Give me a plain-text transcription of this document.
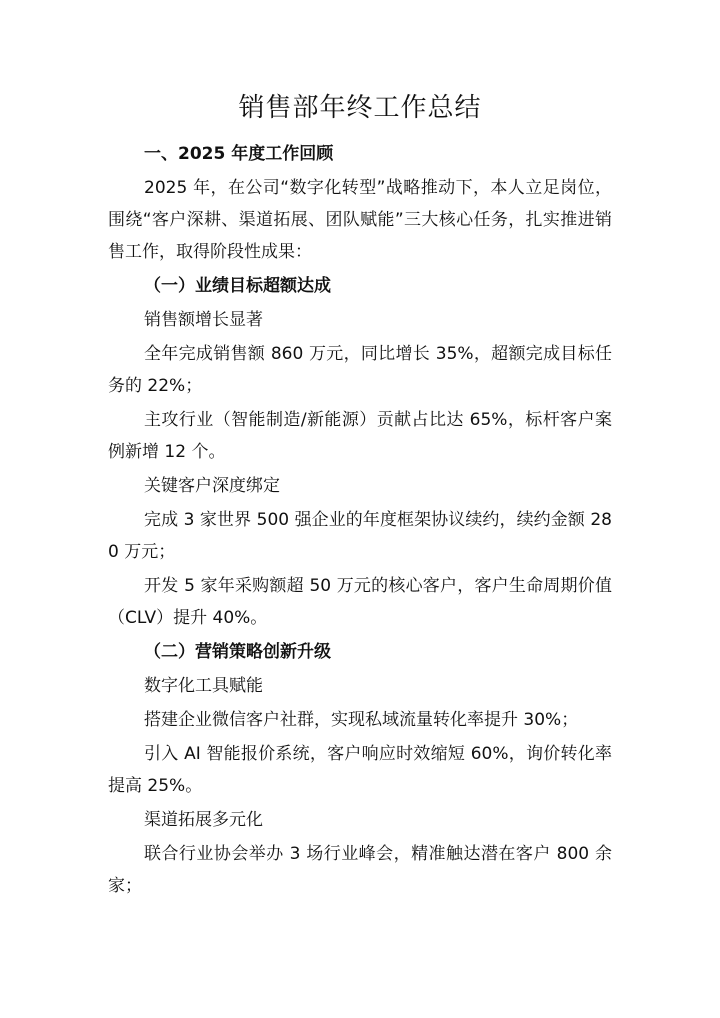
销售部年终工作总结
一、2025 年度工作回顾
2025 年，在公司“数字化转型”战略推动下，本人立足岗位，围绕“客户深耕、渠道拓展、团队赋能”三大核心任务，扎实推进销售工作，取得阶段性成果：
（一）业绩目标超额达成
销售额增长显著
全年完成销售额 860 万元，同比增长 35%，超额完成目标任务的 22%；
主攻行业（智能制造/新能源）贡献占比达 65%，标杆客户案例新增 12 个。
关键客户深度绑定
完成 3 家世界 500 强企业的年度框架协议续约，续约金额 280 万元；
开发 5 家年采购额超 50 万元的核心客户，客户生命周期价值（CLV）提升 40%。
（二）营销策略创新升级
数字化工具赋能
搭建企业微信客户社群，实现私域流量转化率提升 30%；
引入 AI 智能报价系统，客户响应时效缩短 60%，询价转化率提高 25%。
渠道拓展多元化
联合行业协会举办 3 场行业峰会，精准触达潜在客户 800 余家；
